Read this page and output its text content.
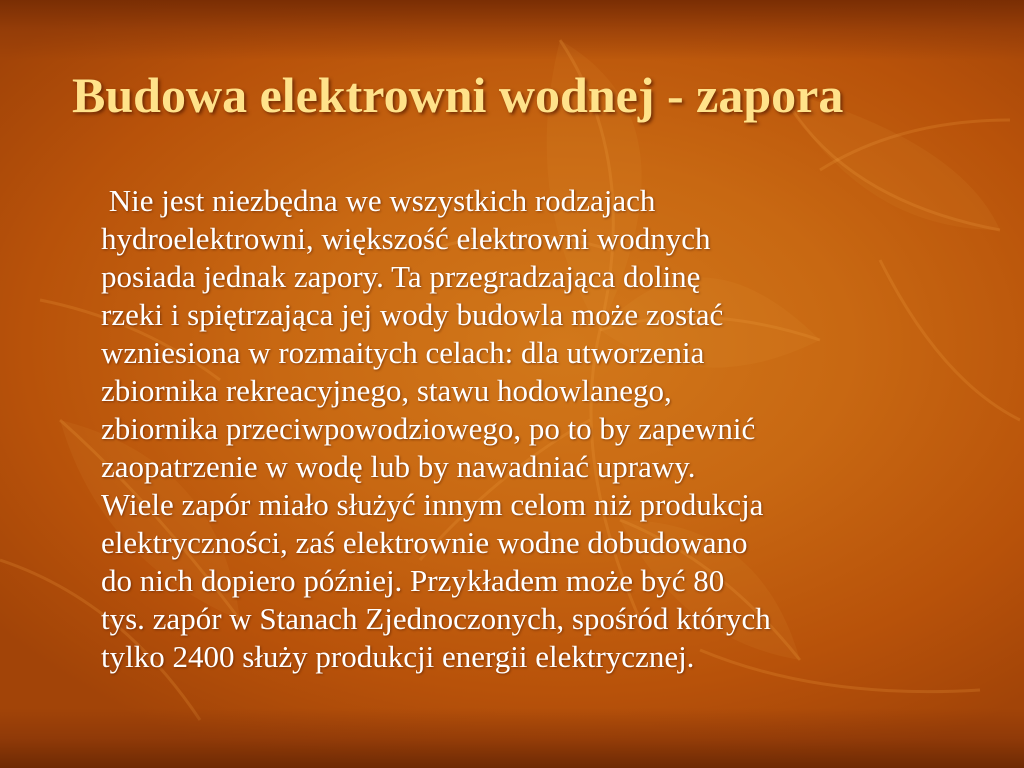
Budowa elektrowni wodnej - zapora
Nie jest niezbędna we wszystkich rodzajach
hydroelektrowni, większość elektrowni wodnych
posiada jednak zapory. Ta przegradzająca dolinę
rzeki i spiętrzająca jej wody budowla może zostać
wzniesiona w rozmaitych celach: dla utworzenia
zbiornika rekreacyjnego, stawu hodowlanego,
zbiornika przeciwpowodziowego, po to by zapewnić
zaopatrzenie w wodę lub by nawadniać uprawy.
Wiele zapór miało służyć innym celom niż produkcja
elektryczności, zaś elektrownie wodne dobudowano
do nich dopiero później. Przykładem może być 80
tys. zapór w Stanach Zjednoczonych, spośród których
tylko 2400 służy produkcji energii elektrycznej.
